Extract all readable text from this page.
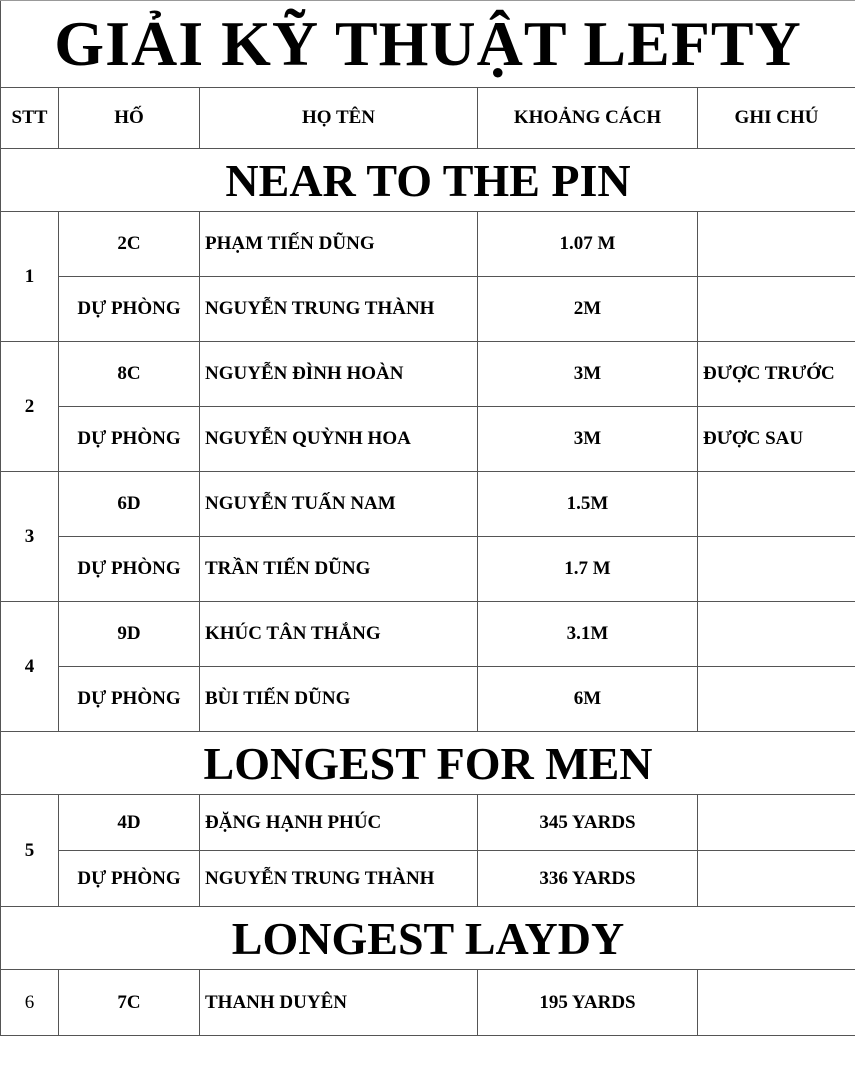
GIẢI KỸ THUẬT LEFTY				
STT	HỐ	HỌ TÊN	KHOẢNG CÁCH	GHI CHÚ
NEAR TO THE PIN				
1	2C	PHẠM TIẾN DŨNG	1.07 M	
	DỰ PHÒNG	NGUYỄN TRUNG THÀNH	2M	
2	8C	NGUYỄN ĐÌNH HOÀN	3M	ĐƯỢC TRƯỚC
	DỰ PHÒNG	NGUYỄN QUỲNH HOA	3M	ĐƯỢC SAU
3	6D	NGUYỄN TUẤN NAM	1.5M	
	DỰ PHÒNG	TRẦN TIẾN DŨNG	1.7 M	
4	9D	KHÚC TÂN THẮNG	3.1M	
	DỰ PHÒNG	BÙI TIẾN DŨNG	6M	
LONGEST FOR MEN				
5	4D	ĐẶNG HẠNH PHÚC	345 YARDS	
	DỰ PHÒNG	NGUYỄN TRUNG THÀNH	336 YARDS	
LONGEST LAYDY				
6	7C	THANH DUYÊN	195 YARDS	
